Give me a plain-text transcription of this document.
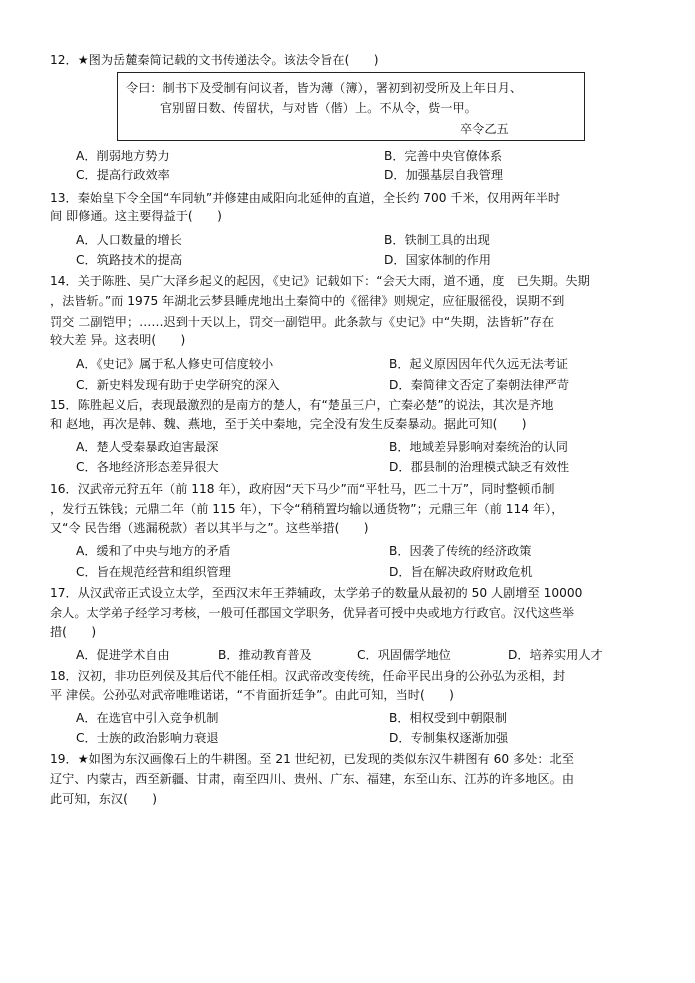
12．★图为岳麓秦简记载的文书传递法令。该法令旨在(　　)
令曰：制书下及受制有问议者，皆为薄（簿），署初到初受所及上年日月、
官别留日数、传留状，与对皆（偕）上。不从令，赀一甲。
卒令乙五
A．削弱地方势力	B．完善中央官僚体系
C．提高行政效率	D．加强基层自我管理
13．秦始皇下令全国“车同轨”并修建由咸阳向北延伸的直道，全长约 700 千米，仅用两年半时
间 即修通。这主要得益于(　　)
A．人口数量的增长	B．铁制工具的出现
C．筑路技术的提高	D．国家体制的作用
14．关于陈胜、吴广大泽乡起义的起因，《史记》记载如下：“会天大雨，道不通，度　已失期。失期
，法皆斩。”而 1975 年湖北云梦县睡虎地出土秦简中的《徭律》则规定，应征服徭役，误期不到
罚交 二副铠甲；……迟到十天以上，罚交一副铠甲。此条款与《史记》中“失期，法皆斩”存在
较大差 异。这表明(　　)
A．《史记》属于私人修史可信度较小	B．起义原因因年代久远无法考证
C．新史料发现有助于史学研究的深入	D．秦简律文否定了秦朝法律严苛
15．陈胜起义后，表现最激烈的是南方的楚人，有“楚虽三户，亡秦必楚”的说法，其次是齐地
和 赵地，再次是韩、魏、燕地，至于关中秦地，完全没有发生反秦暴动。据此可知(　　)
A．楚人受秦暴政迫害最深	B．地域差异影响对秦统治的认同
C．各地经济形态差异很大	D．郡县制的治理模式缺乏有效性
16．汉武帝元狩五年（前 118 年），政府因“天下马少”而“平牡马，匹二十万”，同时整顿币制
，发行五铢钱；元鼎二年（前 115 年），下令“稍稍置均输以通货物”；元鼎三年（前 114 年），
又“令 民告缗（逃漏税款）者以其半与之”。这些举措(　　)
A．缓和了中央与地方的矛盾	B．因袭了传统的经济政策
C．旨在规范经营和组织管理	D．旨在解决政府财政危机
17．从汉武帝正式设立太学，至西汉末年王莽辅政，太学弟子的数量从最初的 50 人剧增至 10000
余人。太学弟子经学习考核，一般可任郡国文学职务，优异者可授中央或地方行政官。汉代这些举
措(　　)
A．促进学术自由	B．推动教育普及	C．巩固儒学地位	D．培养实用人才
18．汉初，非功臣列侯及其后代不能任相。汉武帝改变传统，任命平民出身的公孙弘为丞相，封
平 津侯。公孙弘对武帝唯唯诺诺，“不肯面折廷争”。由此可知，当时(　　)
A．在选官中引入竞争机制	B．相权受到中朝限制
C．士族的政治影响力衰退	D．专制集权逐渐加强
19．★如图为东汉画像石上的牛耕图。至 21 世纪初，已发现的类似东汉牛耕图有 60 多处：北至
辽宁、内蒙古，西至新疆、甘肃，南至四川、贵州、广东、福建，东至山东、江苏的许多地区。由
此可知，东汉(　　)
